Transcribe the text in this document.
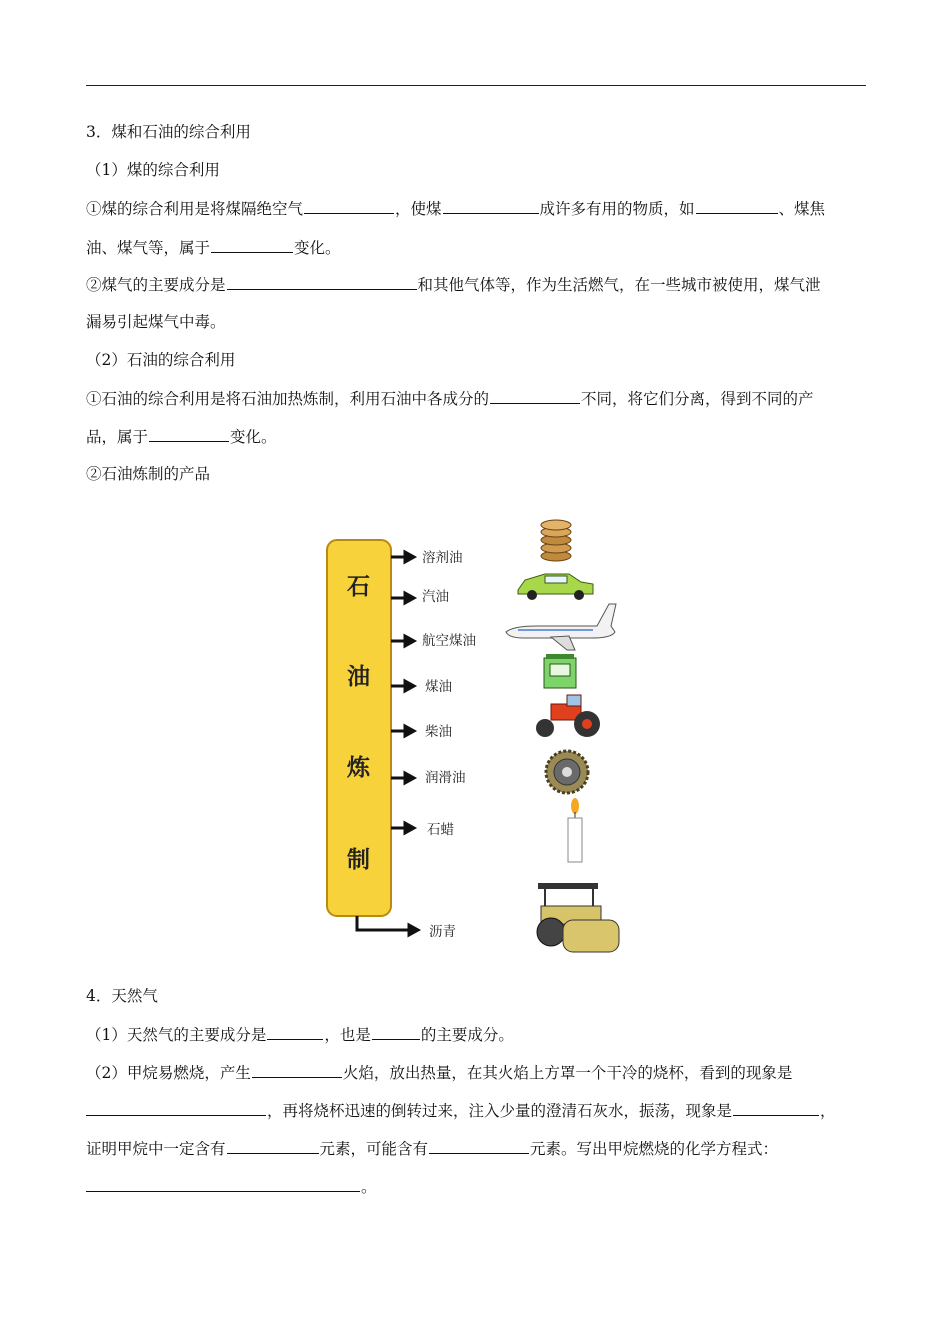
3．煤和石油的综合利用
（1）煤的综合利用
①煤的综合利用是将煤隔绝空气	，使煤	成许多有用的物质，如	、煤焦
油、煤气等，属于	变化。
②煤气的主要成分是	和其他气体等，作为生活燃气，在一些城市被使用，煤气泄
漏易引起煤气中毒。
（2）石油的综合利用
①石油的综合利用是将石油加热炼制，利用石油中各成分的	不同，将它们分离，得到不同的产
品，属于	变化。
②石油炼制的产品
石
油
炼
制
溶剂油
汽油
航空煤油
煤油
柴油
润滑油
石蜡
沥青
4．天然气
（1）天然气的主要成分是	，也是	的主要成分。
（2）甲烷易燃烧，产生	火焰，放出热量，在其火焰上方罩一个干冷的烧杯，看到的现象是
，再将烧杯迅速的倒转过来，注入少量的澄清石灰水，振荡，现象是	，
证明甲烷中一定含有	元素，可能含有	元素。写出甲烷燃烧的化学方程式：
。
